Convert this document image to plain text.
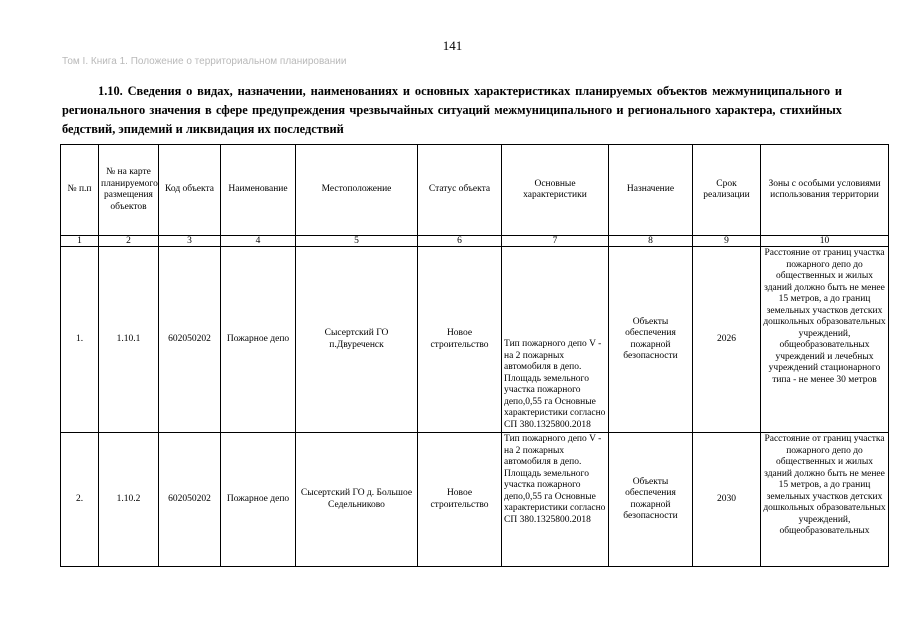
141
Том I. Книга 1. Положение о территориальном планировании
1.10. Сведения о видах, назначении, наименованиях и основных характеристиках планируемых объектов межмуниципального и регионального значения в сфере предупреждения чрезвычайных ситуаций межмуниципального и регионального характера, стихийных бедствий, эпидемий и ликвидация их последствий
№ п.п	№ на карте планируемого размещения объектов	Код объекта	Наименование	Местоположение	Статус объекта	Основные характеристики	Назначение	Срок реализации	Зоны с особыми условиями использования территории
1	2	3	4	5	6	7	8	9	10
1.	1.10.1	602050202	Пожарное депо	Сысертский ГО п.Двуреченск	Новое строительство	Тип пожарного депо V - на 2 пожарных автомобиля в депо. Площадь земельного участка пожарного депо,0,55 га Основные характеристики согласно СП 380.1325800.2018	Объекты обеспечения пожарной безопасности	2026	Расстояние от границ участка пожарного депо до общественных и жилых зданий должно быть не менее 15 метров, а до границ земельных участков детских дошкольных образовательных учреждений, общеобразовательных учреждений и лечебных учреждений стационарного типа - не менее 30 метров
2.	1.10.2	602050202	Пожарное депо	Сысертский ГО д. Большое Седельниково	Новое строительство	Тип пожарного депо V - на 2 пожарных автомобиля в депо. Площадь земельного участка пожарного депо,0,55 га Основные характеристики согласно СП 380.1325800.2018	Объекты обеспечения пожарной безопасности	2030	Расстояние от границ участка пожарного депо до общественных и жилых зданий должно быть не менее 15 метров, а до границ земельных участков детских дошкольных образовательных учреждений, общеобразовательных
